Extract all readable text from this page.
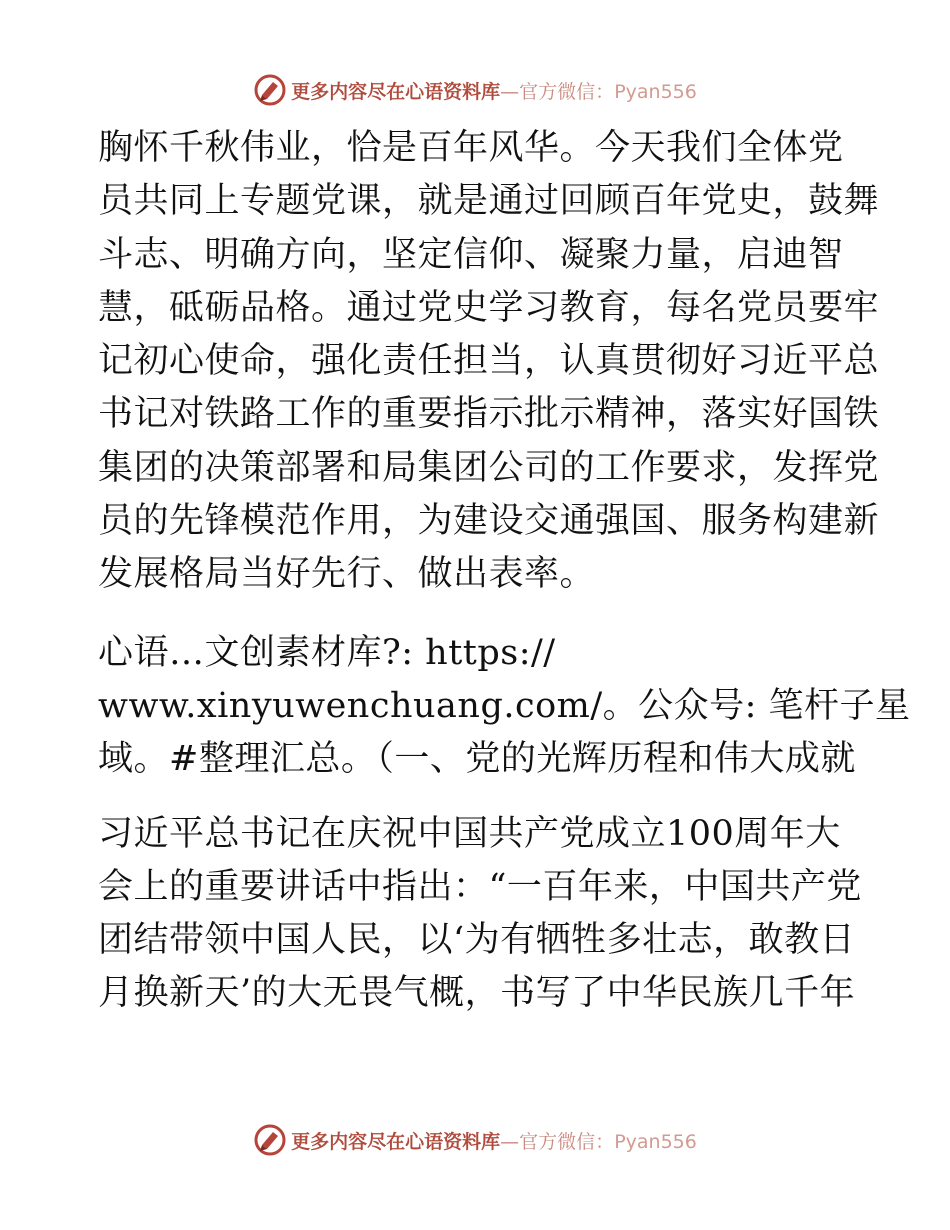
更多内容尽在心语资料库—官方微信：Pyan556

胸怀千秋伟业，恰是百年风华。今天我们全体党
员共同上专题党课，就是通过回顾百年党史，鼓舞
斗志、明确方向，坚定信仰、凝聚力量，启迪智
慧，砥砺品格。通过党史学习教育，每名党员要牢
记初心使命，强化责任担当，认真贯彻好习近平总
书记对铁路工作的重要指示批示精神，落实好国铁
集团的决策部署和局集团公司的工作要求，发挥党
员的先锋模范作用，为建设交通强国、服务构建新
发展格局当好先行、做出表率。

心语…文创素材库?: https://
www.xinyuwenchuang.com/。公众号: 笔杆子星
域。#整理汇总。（一、党的光辉历程和伟大成就

习近平总书记在庆祝中国共产党成立100周年大
会上的重要讲话中指出：“一百年来，中国共产党
团结带领中国人民，以‘为有牺牲多壮志，敢教日
月换新天’的大无畏气概，书写了中华民族几千年

更多内容尽在心语资料库—官方微信：Pyan556
